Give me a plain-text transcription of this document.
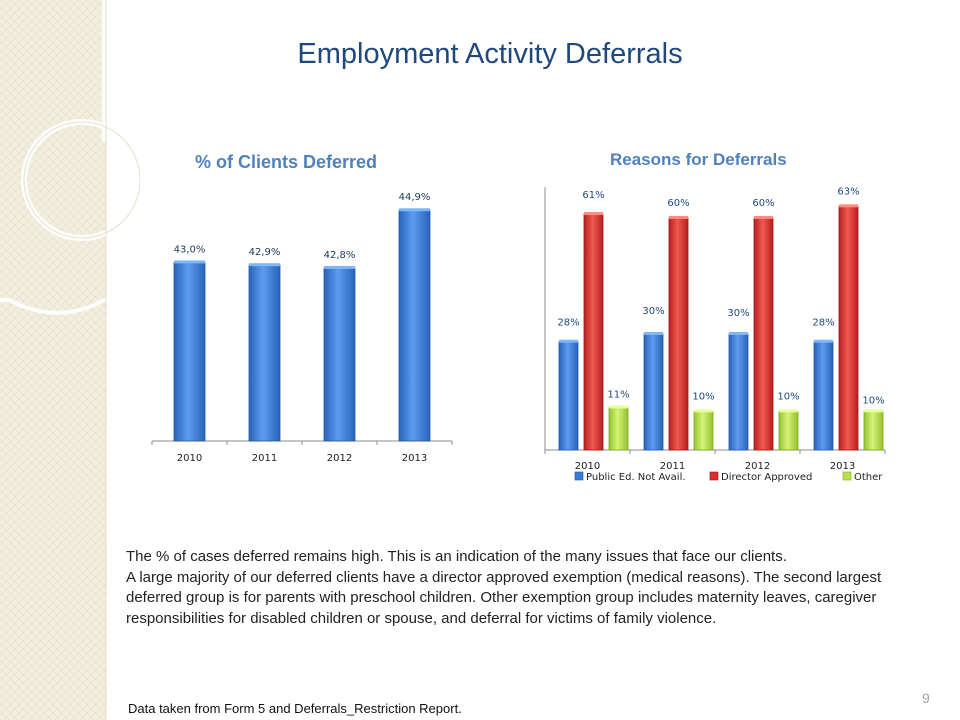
Employment Activity Deferrals
% of Clients Deferred	Reasons for Deferrals
43,0%
2010
42,9%
2011
42,8%
2012
44,9%
2013
28%
61%
11%
2010
30%
60%
10%
2011
30%
60%
10%
2012
28%
63%
10%
2013
Public Ed. Not Avail.	Director Approved	Other

The % of cases deferred remains high. This is an indication of the many issues that face our clients.

A large majority of our deferred clients have a director approved exemption (medical reasons). The second largest deferred group is for parents with preschool children. Other exemption group includes maternity leaves, caregiver responsibilities for disabled children or spouse, and deferral for victims of family violence.

Data taken from Form 5 and Deferrals_Restriction Report.
9
